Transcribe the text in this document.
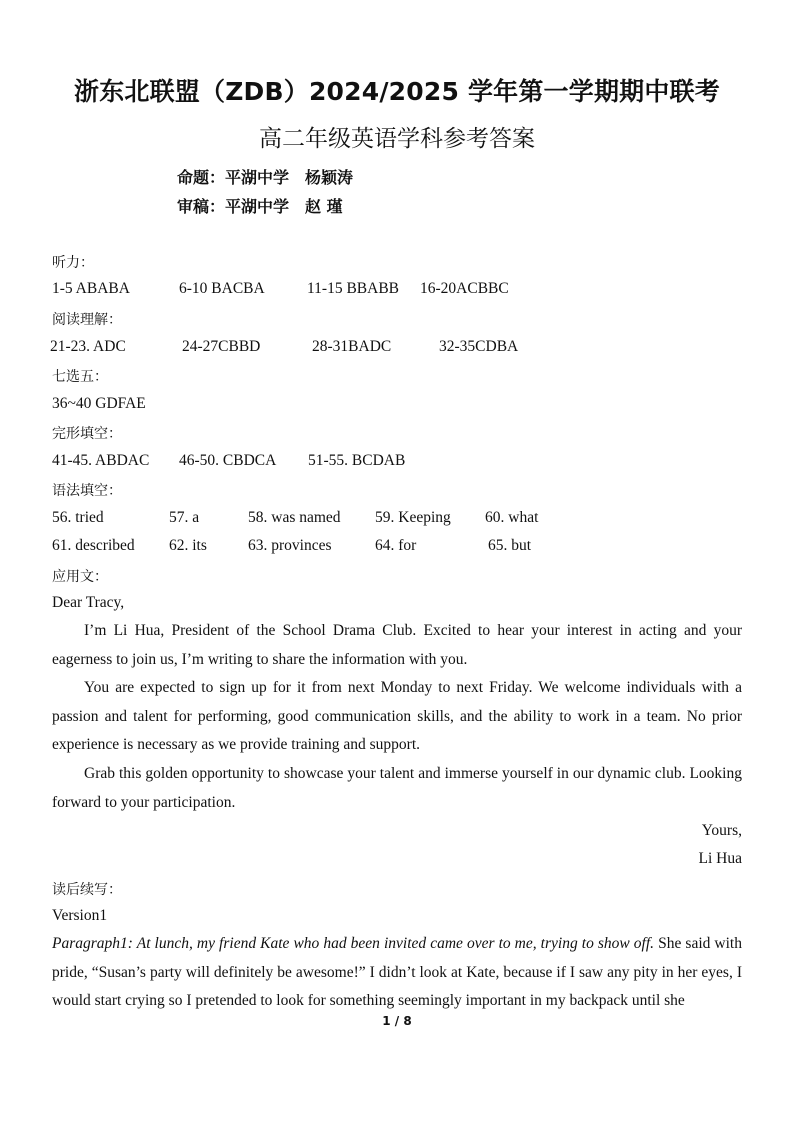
浙东北联盟（ZDB）2024/2025 学年第一学期期中联考
高二年级英语学科参考答案
命题：平湖中学　杨颖涛
审稿：平湖中学　赵 瑾
听力：
1-5 ABABA	6-10 BACBA	11-15 BBABB 16-20ACBBC
阅读理解：
21-23. ADC	24-27CBBD	28-31BADC	32-35CDBA
七选五：
36~40 GDFAE
完形填空：
41-45. ABDAC 46-50. CBDCA 51-55. BCDAB
语法填空：
56. tried	57. a	58. was named 59. Keeping 60. what
61. described 62. its	63. provinces	64. for	65. but
应用文：
Dear Tracy,

I’m Li Hua, President of the School Drama Club. Excited to hear your interest in acting and your eagerness to join us, I’m writing to share the information with you.

You are expected to sign up for it from next Monday to next Friday. We welcome individuals with a passion and talent for performing, good communication skills, and the ability to work in a team. No prior experience is necessary as we provide training and support.

Grab this golden opportunity to showcase your talent and immerse yourself in our dynamic club. Looking forward to your participation.

Yours,
Li Hua
读后续写：
Version1

Paragraph1: At lunch, my friend Kate who had been invited came over to me, trying to show off. She said with pride, “Susan’s party will definitely be awesome!” I didn’t look at Kate, because if I saw any pity in her eyes, I would start crying so I pretended to look for something seemingly important in my backpack until she

1 / 8
